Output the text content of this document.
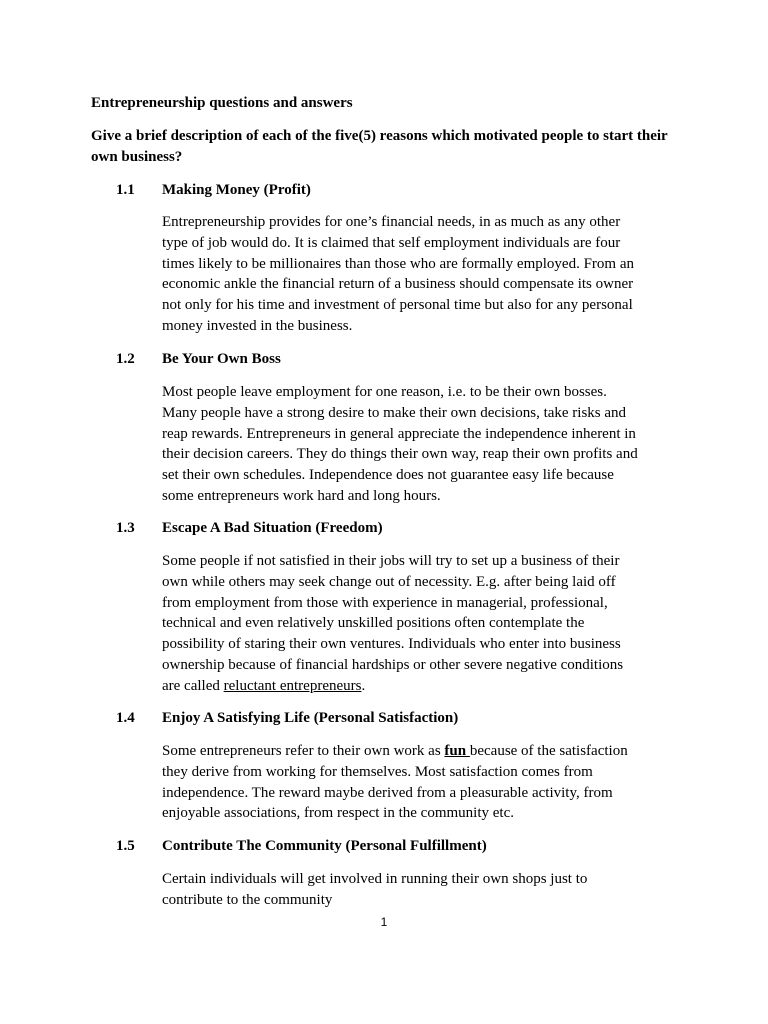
Entrepreneurship questions and answers

Give a brief description of each of the five(5) reasons which motivated people to start their own business?

1.1 Making Money (Profit)

Entrepreneurship provides for one’s financial needs, in as much as any other type of job would do. It is claimed that self employment individuals are four times likely to be millionaires than those who are formally employed. From an economic ankle the financial return of a business should compensate its owner not only for his time and investment of personal time but also for any personal money invested in the business.

1.2 Be Your Own Boss

Most people leave employment for one reason, i.e. to be their own bosses. Many people have a strong desire to make their own decisions, take risks and reap rewards. Entrepreneurs in general appreciate the independence inherent in their decision careers. They do things their own way, reap their own profits and set their own schedules. Independence does not guarantee easy life because some entrepreneurs work hard and long hours.

1.3 Escape A Bad Situation (Freedom)

Some people if not satisfied in their jobs will try to set up a business of their own while others may seek change out of necessity. E.g. after being laid off from employment from those with experience in managerial, professional, technical and even relatively unskilled positions often contemplate the possibility of staring their own ventures. Individuals who enter into business ownership because of financial hardships or other severe negative conditions are called reluctant entrepreneurs.

1.4 Enjoy A Satisfying Life (Personal Satisfaction)

Some entrepreneurs refer to their own work as fun because of the satisfaction they derive from working for themselves. Most satisfaction comes from independence. The reward maybe derived from a pleasurable activity, from enjoyable associations, from respect in the community etc.

1.5 Contribute The Community (Personal Fulfillment)

Certain individuals will get involved in running their own shops just to contribute to the community

1
